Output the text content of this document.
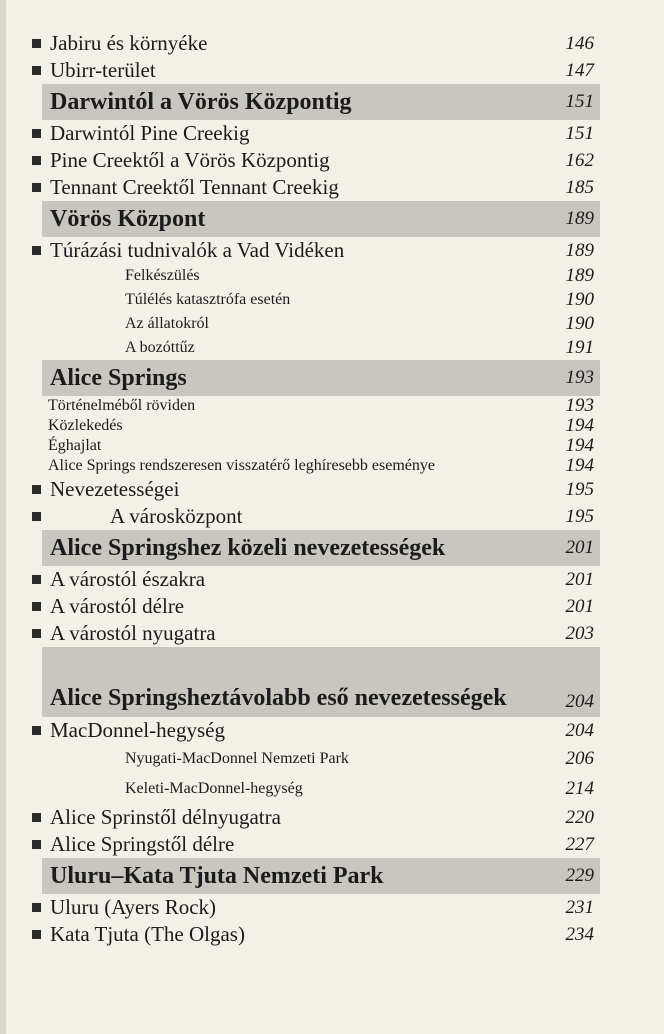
Jabiru és környéke	146
Ubirr-terület	147
Darwintól a Vörös Központig	151
Darwintól Pine Creekig	151
Pine Creektől a Vörös Központig	162
Tennant Creektől Tennant Creekig	185
Vörös Központ	189
Túrázási tudnivalók a Vad Vidéken	189
Felkészülés	189
Túlélés katasztrófa esetén	190
Az állatokról	190
A bozóttűz	191
Alice Springs	193
Történelméből röviden	193
Közlekedés	194
Éghajlat	194
Alice Springs rendszeresen visszatérő leghíresebb eseménye	194
Nevezetességei	195
A városközpont	195
Alice Springshez közeli nevezetességek	201
A várostól északra	201
A várostól délre	201
A várostól nyugatra	203
Alice Springsheztávolabb eső nevezetességek	204
MacDonnel-hegység	204
Nyugati-MacDonnel Nemzeti Park	206
Keleti-MacDonnel-hegység	214
Alice Sprinstől délnyugatra	220
Alice Springstől délre	227
Uluru–Kata Tjuta Nemzeti Park	229
Uluru (Ayers Rock)	231
Kata Tjuta (The Olgas)	234
